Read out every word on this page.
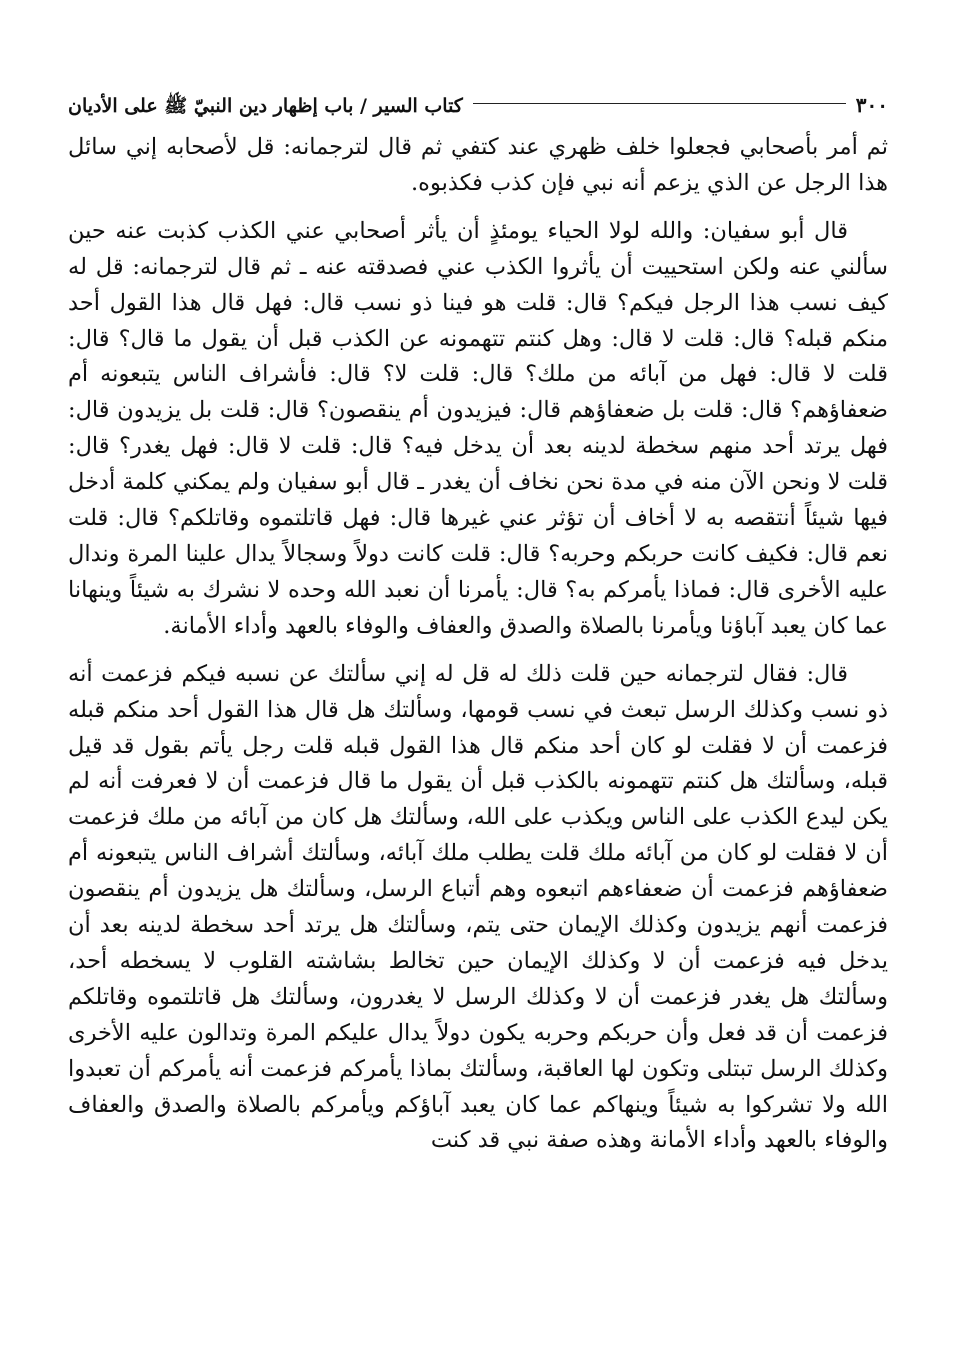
٣٠٠
كتاب السير / باب إظهار دين النبيّ ﷺ على الأديان

ثم أمر بأصحابي فجعلوا خلف ظهري عند كتفي ثم قال لترجمانه: قل لأصحابه إني سائل هذا الرجل عن الذي يزعم أنه نبي فإن كذب فكذبوه.

قال أبو سفيان: والله لولا الحياء يومئذٍ أن يأثر أصحابي عني الكذب كذبت عنه حين سألني عنه ولكن استحييت أن يأثروا الكذب عني فصدقته عنه ـ ثم قال لترجمانه: قل له كيف نسب هذا الرجل فيكم؟ قال: قلت هو فينا ذو نسب قال: فهل قال هذا القول أحد منكم قبله؟ قال: قلت لا قال: وهل كنتم تتهمونه عن الكذب قبل أن يقول ما قال؟ قال: قلت لا قال: فهل من آبائه من ملك؟ قال: قلت لا؟ قال: فأشراف الناس يتبعونه أم ضعفاؤهم؟ قال: قلت بل ضعفاؤهم قال: فيزيدون أم ينقصون؟ قال: قلت بل يزيدون قال: فهل يرتد أحد منهم سخطة لدينه بعد أن يدخل فيه؟ قال: قلت لا قال: فهل يغدر؟ قال: قلت لا ونحن الآن منه في مدة نحن نخاف أن يغدر ـ قال أبو سفيان ولم يمكني كلمة أدخل فيها شيئاً أنتقصه به لا أخاف أن تؤثر عني غيرها قال: فهل قاتلتموه وقاتلكم؟ قال: قلت نعم قال: فكيف كانت حربكم وحربه؟ قال: قلت كانت دولاً وسجالاً يدال علينا المرة وندال عليه الأخرى قال: فماذا يأمركم به؟ قال: يأمرنا أن نعبد الله وحده لا نشرك به شيئاً وينهانا عما كان يعبد آباؤنا ويأمرنا بالصلاة والصدق والعفاف والوفاء بالعهد وأداء الأمانة.

قال: فقال لترجمانه حين قلت ذلك له قل له إني سألتك عن نسبه فيكم فزعمت أنه ذو نسب وكذلك الرسل تبعث في نسب قومها، وسألتك هل قال هذا القول أحد منكم قبله فزعمت أن لا فقلت لو كان أحد منكم قال هذا القول قبله قلت رجل يأتم بقول قد قيل قبله، وسألتك هل كنتم تتهمونه بالكذب قبل أن يقول ما قال فزعمت أن لا فعرفت أنه لم يكن ليدع الكذب على الناس ويكذب على الله، وسألتك هل كان من آبائه من ملك فزعمت أن لا فقلت لو كان من آبائه ملك قلت يطلب ملك آبائه، وسألتك أشراف الناس يتبعونه أم ضعفاؤهم فزعمت أن ضعفاءهم اتبعوه وهم أتباع الرسل، وسألتك هل يزيدون أم ينقصون فزعمت أنهم يزيدون وكذلك الإيمان حتى يتم، وسألتك هل يرتد أحد سخطة لدينه بعد أن يدخل فيه فزعمت أن لا وكذلك الإيمان حين تخالط بشاشته القلوب لا يسخطه أحد، وسألتك هل يغدر فزعمت أن لا وكذلك الرسل لا يغدرون، وسألتك هل قاتلتموه وقاتلكم فزعمت أن قد فعل وأن حربكم وحربه يكون دولاً يدال عليكم المرة وتدالون عليه الأخرى وكذلك الرسل تبتلى وتكون لها العاقبة، وسألتك بماذا يأمركم فزعمت أنه يأمركم أن تعبدوا الله ولا تشركوا به شيئاً وينهاكم عما كان يعبد آباؤكم ويأمركم بالصلاة والصدق والعفاف والوفاء بالعهد وأداء الأمانة وهذه صفة نبي قد كنت
